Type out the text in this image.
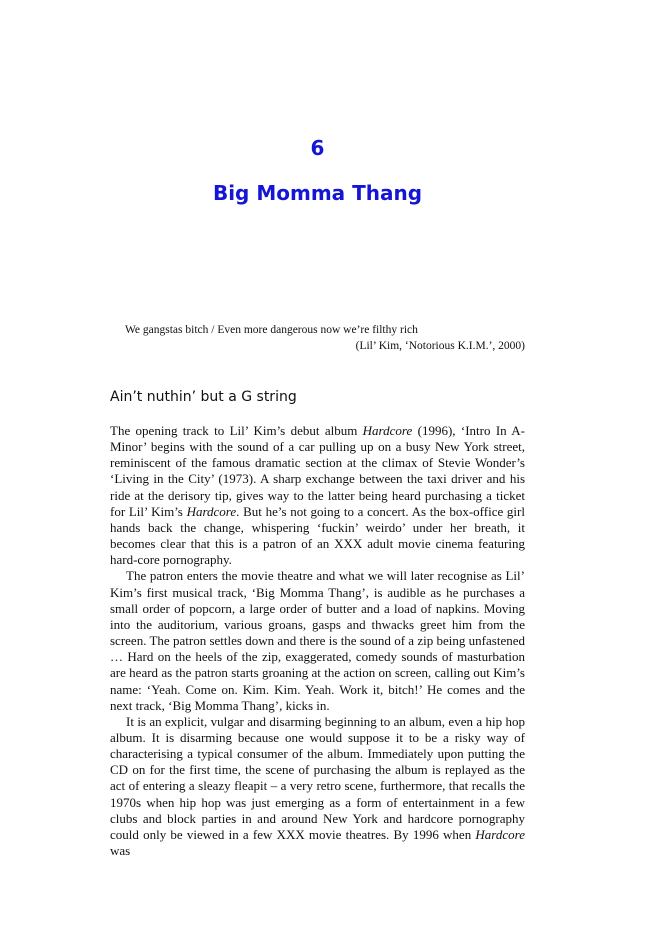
6
Big Momma Thang
We gangstas bitch / Even more dangerous now we’re filthy rich
(Lil’ Kim, ‘Notorious K.I.M.’, 2000)
Ain’t nuthin’ but a G string

The opening track to Lil’ Kim’s debut album Hardcore (1996), ‘Intro In A-Minor’ begins with the sound of a car pulling up on a busy New York street, reminiscent of the famous dramatic section at the climax of Stevie Wonder’s ‘Living in the City’ (1973). A sharp exchange between the taxi driver and his ride at the derisory tip, gives way to the latter being heard purchasing a ticket for Lil’ Kim’s Hardcore. But he’s not going to a concert. As the box-office girl hands back the change, whispering ‘fuckin’ weirdo’ under her breath, it becomes clear that this is a patron of an XXX adult movie cinema featuring hard-core pornography.

The patron enters the movie theatre and what we will later recognise as Lil’ Kim’s first musical track, ‘Big Momma Thang’, is audible as he purchases a small order of popcorn, a large order of butter and a load of napkins. Moving into the auditorium, various groans, gasps and thwacks greet him from the screen. The patron settles down and there is the sound of a zip being unfastened … Hard on the heels of the zip, exaggerated, comedy sounds of masturbation are heard as the patron starts groaning at the action on screen, calling out Kim’s name: ‘Yeah. Come on. Kim. Kim. Yeah. Work it, bitch!’ He comes and the next track, ‘Big Momma Thang’, kicks in.

It is an explicit, vulgar and disarming beginning to an album, even a hip hop album. It is disarming because one would suppose it to be a risky way of characterising a typical consumer of the album. Immediately upon putting the CD on for the first time, the scene of purchasing the album is replayed as the act of entering a sleazy fleapit – a very retro scene, furthermore, that recalls the 1970s when hip hop was just emerging as a form of entertainment in a few clubs and block parties in and around New York and hardcore pornography could only be viewed in a few XXX movie theatres. By 1996 when Hardcore was
